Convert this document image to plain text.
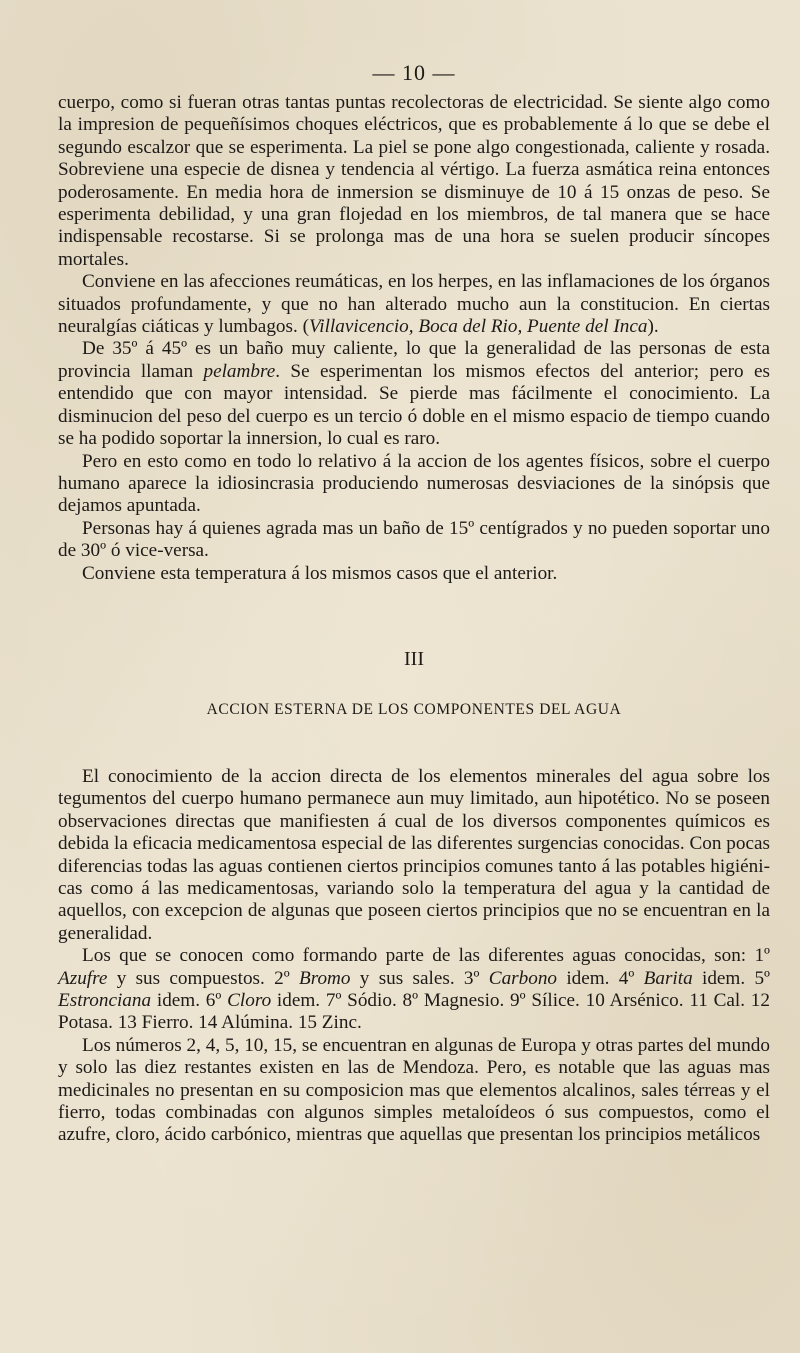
— 10 —

cuerpo, como si fueran otras tantas puntas recolectoras de electricidad. Se siente algo como la impresion de pequeñísimos choques eléctricos, que es probablemente á lo que se debe el segundo escalzor que se esperimenta. La piel se pone algo congestionada, caliente y rosada. Sobreviene una especie de disnea y tendencia al vértigo. La fuerza asmática reina entonces poderosamente. En media hora de inmersion se disminuye de 10 á 15 onzas de peso. Se esperimenta debilidad, y una gran flojedad en los miembros, de tal manera que se hace indispensable recostarse. Si se prolonga mas de una hora se suelen producir síncopes mortales.

Conviene en las afecciones reumáticas, en los herpes, en las inflamaciones de los órganos situados profundamente, y que no han alterado mucho aun la constitucion. En ciertas neuralgías ciáticas y lumbagos. (Villavicencio, Boca del Rio, Puente del Inca).

De 35º á 45º es un baño muy caliente, lo que la generalidad de las personas de esta provincia llaman pelambre. Se esperimentan los mismos efectos del anterior; pero es entendido que con mayor intensidad. Se pierde mas fácilmente el conocimiento. La disminucion del peso del cuerpo es un tercio ó doble en el mismo espacio de tiempo cuando se ha podido soportar la innersion, lo cual es raro.

Pero en esto como en todo lo relativo á la accion de los agentes físicos, sobre el cuerpo humano aparece la idiosincrasia produciendo numerosas desviaciones de la sinópsis que dejamos apuntada.

Personas hay á quienes agrada mas un baño de 15º centígrados y no pueden soportar uno de 30º ó vice-versa.

Conviene esta temperatura á los mismos casos que el anterior.

III
ACCION ESTERNA DE LOS COMPONENTES DEL AGUA

El conocimiento de la accion directa de los elementos minerales del agua sobre los tegumentos del cuerpo humano permanece aun muy limitado, aun hipotético. No se poseen observaciones directas que manifiesten á cual de los diversos componentes químicos es debida la eficacia medicamentosa especial de las diferentes surgencias conocidas. Con pocas diferencias todas las aguas contienen ciertos principios comunes tanto á las potables higiénicas como á las medicamentosas, variando solo la temperatura del agua y la cantidad de aquellos, con excepcion de algunas que poseen ciertos principios que no se encuentran en la generalidad.

Los que se conocen como formando parte de las diferentes aguas conocidas, son: 1º Azufre y sus compuestos. 2º Bromo y sus sales. 3º Carbono idem. 4º Barita idem. 5º Estronciana idem. 6º Cloro idem. 7º Sódio. 8º Magnesio. 9º Sílice. 10 Arsénico. 11 Cal. 12 Potasa. 13 Fierro. 14 Alúmina. 15 Zinc.

Los números 2, 4, 5, 10, 15, se encuentran en algunas de Europa y otras partes del mundo y solo las diez restantes existen en las de Mendoza. Pero, es notable que las aguas mas medicinales no presentan en su composicion mas que elementos alcalinos, sales térreas y el fierro, todas combinadas con algunos simples metaloídeos ó sus compuestos, como el azufre, cloro, ácido carbónico, mientras que aquellas que presentan los principios metálicos
